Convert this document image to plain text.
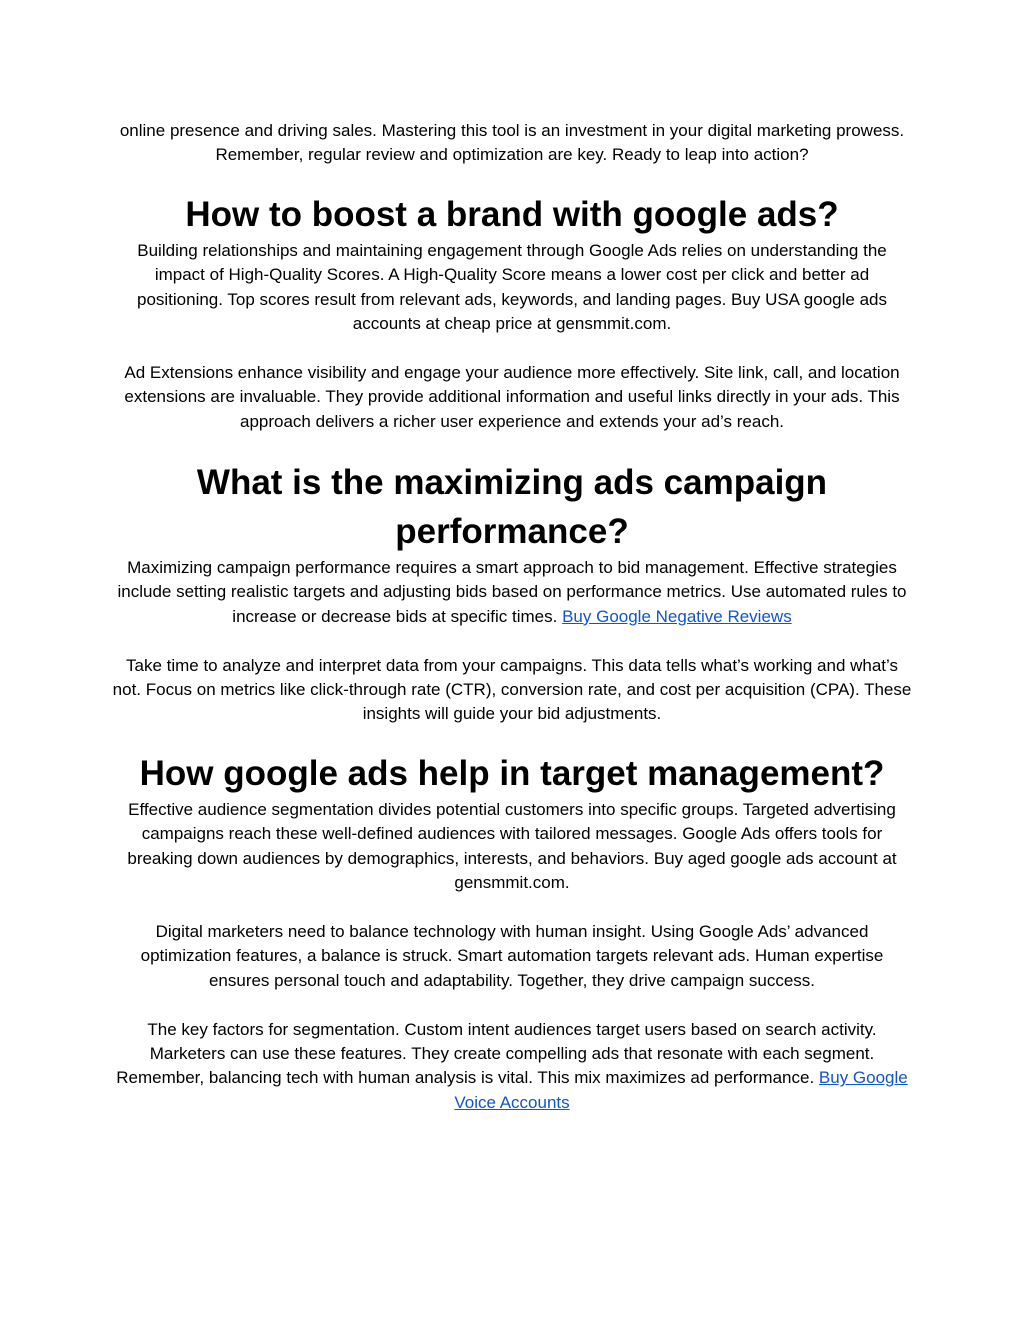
online presence and driving sales. Mastering this tool is an investment in your digital marketing prowess. Remember, regular review and optimization are key. Ready to leap into action?

How to boost a brand with google ads?

Building relationships and maintaining engagement through Google Ads relies on understanding the impact of High-Quality Scores. A High-Quality Score means a lower cost per click and better ad positioning. Top scores result from relevant ads, keywords, and landing pages. Buy USA google ads accounts at cheap price at gensmmit.com.

Ad Extensions enhance visibility and engage your audience more effectively. Site link, call, and location extensions are invaluable. They provide additional information and useful links directly in your ads. This approach delivers a richer user experience and extends your ad’s reach.

What is the maximizing ads campaign performance?

Maximizing campaign performance requires a smart approach to bid management. Effective strategies include setting realistic targets and adjusting bids based on performance metrics. Use automated rules to increase or decrease bids at specific times. Buy Google Negative Reviews

Take time to analyze and interpret data from your campaigns. This data tells what’s working and what’s not. Focus on metrics like click-through rate (CTR), conversion rate, and cost per acquisition (CPA). These insights will guide your bid adjustments.

How google ads help in target management?

Effective audience segmentation divides potential customers into specific groups. Targeted advertising campaigns reach these well-defined audiences with tailored messages. Google Ads offers tools for breaking down audiences by demographics, interests, and behaviors. Buy aged google ads account at gensmmit.com.

Digital marketers need to balance technology with human insight. Using Google Ads’ advanced optimization features, a balance is struck. Smart automation targets relevant ads. Human expertise ensures personal touch and adaptability. Together, they drive campaign success.

The key factors for segmentation. Custom intent audiences target users based on search activity. Marketers can use these features. They create compelling ads that resonate with each segment. Remember, balancing tech with human analysis is vital. This mix maximizes ad performance. Buy Google Voice Accounts
